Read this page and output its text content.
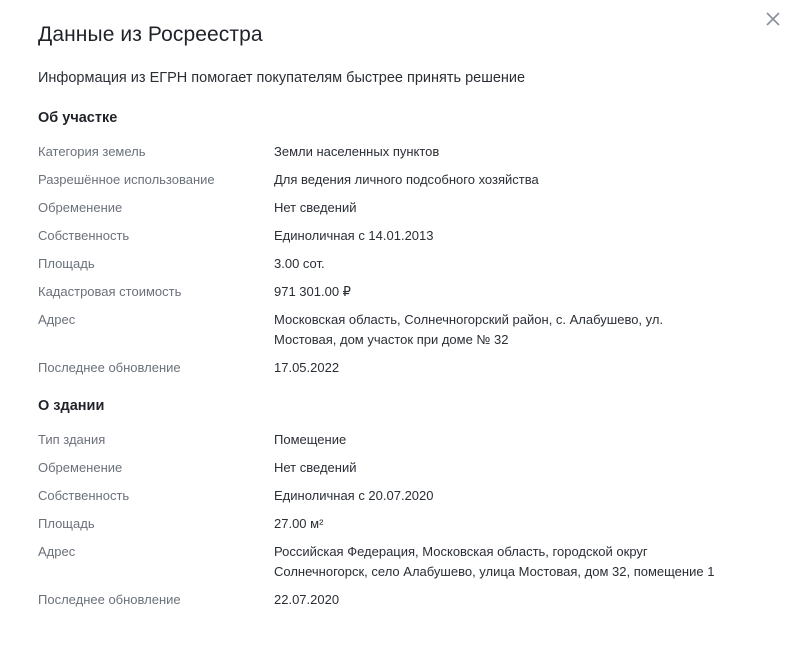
Данные из Росреестра

Информация из ЕГРН помогает покупателям быстрее принять решение

Об участке
Категория земель	Земли населенных пунктов
Разрешённое использование	Для ведения личного подсобного хозяйства
Обременение	Нет сведений
Собственность	Единоличная с 14.01.2013
Площадь	3.00 сот.
Кадастровая стоимость	971 301.00 ₽
Адрес	Московская область, Солнечногорский район, с. Алабушево, ул.
Мостовая, дом участок при доме № 32
Последнее обновление	17.05.2022
О здании
Тип здания	Помещение
Обременение	Нет сведений
Собственность	Единоличная с 20.07.2020
Площадь	27.00 м²
Адрес	Российская Федерация, Московская область, городской округ
Солнечногорск, село Алабушево, улица Мостовая, дом 32, помещение 1
Последнее обновление	22.07.2020
